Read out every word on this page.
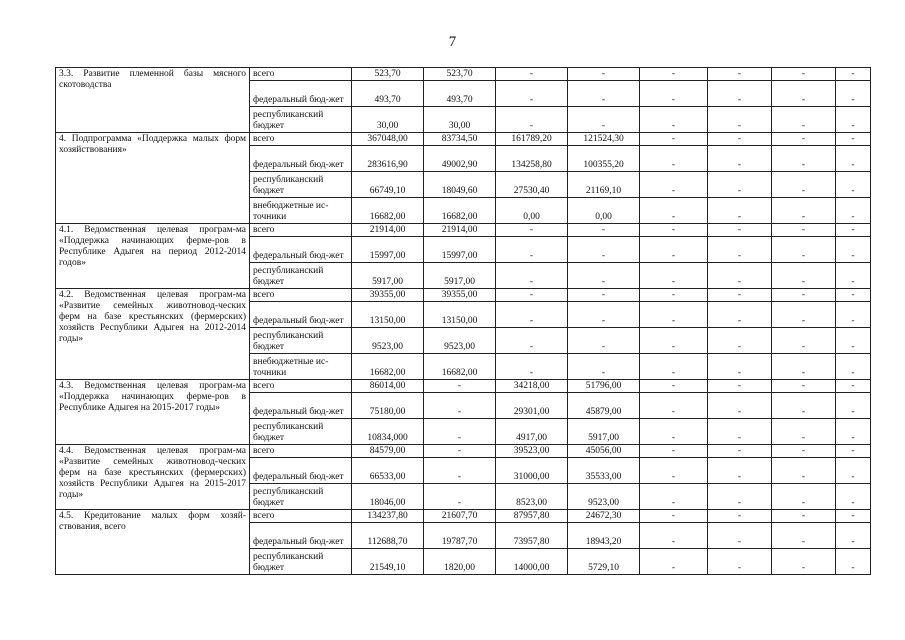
7
3.3. Развитие племенной базы мясного скотоводства	всего	523,70	523,70	-	-	-	-	-	-
	федеральный бюд-жет	493,70	493,70	-	-	-	-	-	-
	республиканский бюджет	30,00	30,00	-	-	-	-	-	-
4. Подпрограмма «Поддержка малых форм хозяйствования»	всего	367048,00	83734,50	161789,20	121524,30	-	-	-	-
	федеральный бюд-жет	283616,90	49002,90	134258,80	100355,20	-	-	-	-
	республиканский бюджет	66749,10	18049,60	27530,40	21169,10	-	-	-	-
	внебюджетные ис-точники	16682,00	16682,00	0,00	0,00	-	-	-	-
4.1. Ведомственная целевая програм-ма «Поддержка начинающих ферме-ров в Республике Адыгея на период 2012-2014 годов»	всего	21914,00	21914,00	-	-	-	-	-	-
	федеральный бюд-жет	15997,00	15997,00	-	-	-	-	-	-
	республиканский бюджет	5917,00	5917,00	-	-	-	-	-	-
4.2. Ведомственная целевая програм-ма «Развитие семейных животновод-ческих ферм на базе крестьянских (фермерских) хозяйств Республики Адыгея на 2012-2014 годы»	всего	39355,00	39355,00	-	-	-	-	-	-
	федеральный бюд-жет	13150,00	13150,00	-	-	-	-	-	-
	республиканский бюджет	9523,00	9523,00	-	-	-	-	-	-
	внебюджетные ис-точники	16682,00	16682,00	-	-	-	-	-	-
4.3. Ведомственная целевая програм-ма «Поддержка начинающих ферме-ров в Республике Адыгея на 2015-2017 годы»	всего	86014,00	-	34218,00	51796,00	-	-	-	-
	федеральный бюд-жет	75180,00	-	29301,00	45879,00	-	-	-	-
	республиканский бюджет	10834,000	-	4917,00	5917,00	-	-	-	-
4.4. Ведомственная целевая програм-ма «Развитие семейных животновод-ческих ферм на базе крестьянских (фермерских) хозяйств Республики Адыгея на 2015-2017 годы»	всего	84579,00	-	39523,00	45056,00	-	-	-	-
	федеральный бюд-жет	66533,00	-	31000,00	35533,00	-	-	-	-
	республиканский бюджет	18046,00	-	8523,00	9523,00	-	-	-	-
4.5. Кредитование малых форм хозяй-ствования, всего	всего	134237,80	21607,70	87957,80	24672,30	-	-	-	-
	федеральный бюд-жет	112688,70	19787,70	73957,80	18943,20	-	-	-	-
	республиканский бюджет	21549,10	1820,00	14000,00	5729,10	-	-	-	-
